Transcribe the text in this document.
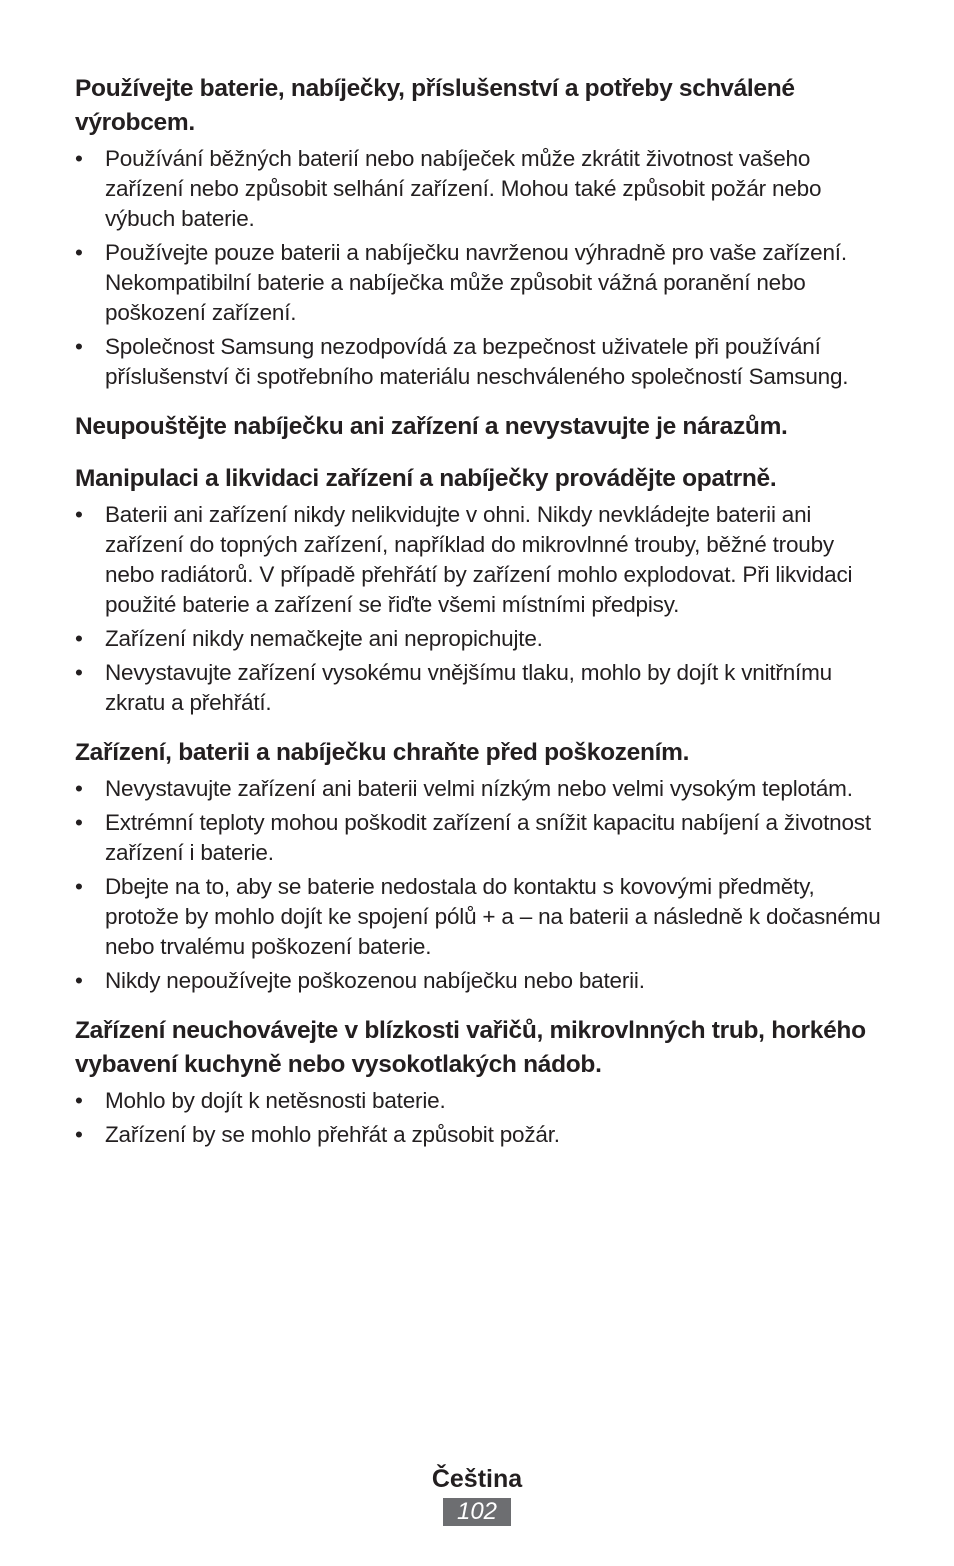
Používejte baterie, nabíječky, příslušenství a potřeby schválené výrobcem.
• Používání běžných baterií nebo nabíječek může zkrátit životnost vašeho zařízení nebo způsobit selhání zařízení. Mohou také způsobit požár nebo výbuch baterie.
• Používejte pouze baterii a nabíječku navrženou výhradně pro vaše zařízení. Nekompatibilní baterie a nabíječka může způsobit vážná poranění nebo poškození zařízení.
• Společnost Samsung nezodpovídá za bezpečnost uživatele při používání příslušenství či spotřebního materiálu neschváleného společností Samsung.
Neupouštějte nabíječku ani zařízení a nevystavujte je nárazům.
Manipulaci a likvidaci zařízení a nabíječky provádějte opatrně.
• Baterii ani zařízení nikdy nelikvidujte v ohni. Nikdy nevkládejte baterii ani zařízení do topných zařízení, například do mikrovlnné trouby, běžné trouby nebo radiátorů. V případě přehřátí by zařízení mohlo explodovat. Při likvidaci použité baterie a zařízení se řiďte všemi místními předpisy.
• Zařízení nikdy nemačkejte ani nepropichujte.
• Nevystavujte zařízení vysokému vnějšímu tlaku, mohlo by dojít k vnitřnímu zkratu a přehřátí.
Zařízení, baterii a nabíječku chraňte před poškozením.
• Nevystavujte zařízení ani baterii velmi nízkým nebo velmi vysokým teplotám.
• Extrémní teploty mohou poškodit zařízení a snížit kapacitu nabíjení a životnost zařízení i baterie.
• Dbejte na to, aby se baterie nedostala do kontaktu s kovovými předměty, protože by mohlo dojít ke spojení pólů + a – na baterii a následně k dočasnému nebo trvalému poškození baterie.
• Nikdy nepoužívejte poškozenou nabíječku nebo baterii.
Zařízení neuchovávejte v blízkosti vařičů, mikrovlnných trub, horkého vybavení kuchyně nebo vysokotlakých nádob.
• Mohlo by dojít k netěsnosti baterie.
• Zařízení by se mohlo přehřát a způsobit požár.
Čeština
102
